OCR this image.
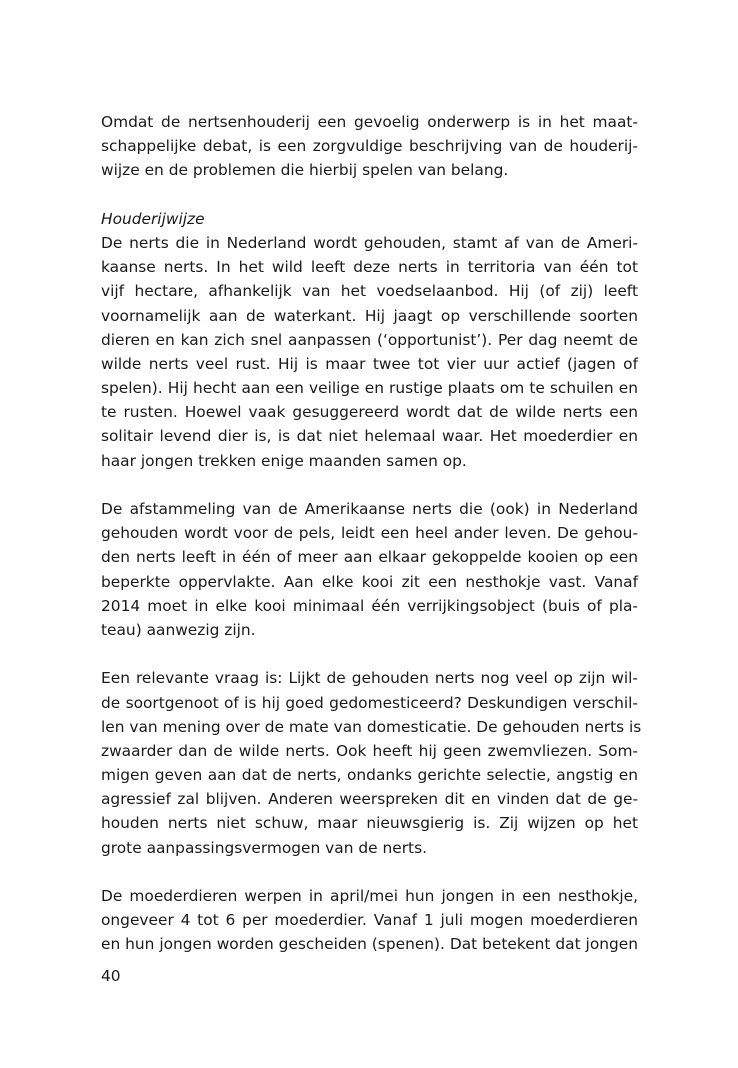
Omdat de nertsenhouderij een gevoelig onderwerp is in het maat-
schappelijke debat, is een zorgvuldige beschrijving van de houderij-
wijze en de problemen die hierbij spelen van belang.
Houderijwijze
De nerts die in Nederland wordt gehouden, stamt af van de Ameri-
kaanse nerts. In het wild leeft deze nerts in territoria van één tot
vijf hectare, afhankelijk van het voedselaanbod. Hij (of zij) leeft
voornamelijk aan de waterkant. Hij jaagt op verschillende soorten
dieren en kan zich snel aanpassen (‘opportunist’). Per dag neemt de
wilde nerts veel rust. Hij is maar twee tot vier uur actief (jagen of
spelen). Hij hecht aan een veilige en rustige plaats om te schuilen en
te rusten. Hoewel vaak gesuggereerd wordt dat de wilde nerts een
solitair levend dier is, is dat niet helemaal waar. Het moederdier en
haar jongen trekken enige maanden samen op.
De afstammeling van de Amerikaanse nerts die (ook) in Nederland
gehouden wordt voor de pels, leidt een heel ander leven. De gehou-
den nerts leeft in één of meer aan elkaar gekoppelde kooien op een
beperkte oppervlakte. Aan elke kooi zit een nesthokje vast. Vanaf
2014 moet in elke kooi minimaal één verrijkingsobject (buis of pla-
teau) aanwezig zijn.
Een relevante vraag is: Lijkt de gehouden nerts nog veel op zijn wil-
de soortgenoot of is hij goed gedomesticeerd? Deskundigen verschil-
len van mening over de mate van domesticatie. De gehouden nerts is
zwaarder dan de wilde nerts. Ook heeft hij geen zwemvliezen. Som-
migen geven aan dat de nerts, ondanks gerichte selectie, angstig en
agressief zal blijven. Anderen weerspreken dit en vinden dat de ge-
houden nerts niet schuw, maar nieuwsgierig is. Zij wijzen op het
grote aanpassingsvermogen van de nerts.
De moederdieren werpen in april/mei hun jongen in een nesthokje,
ongeveer 4 tot 6 per moederdier. Vanaf 1 juli mogen moederdieren
en hun jongen worden gescheiden (spenen). Dat betekent dat jongen
40
